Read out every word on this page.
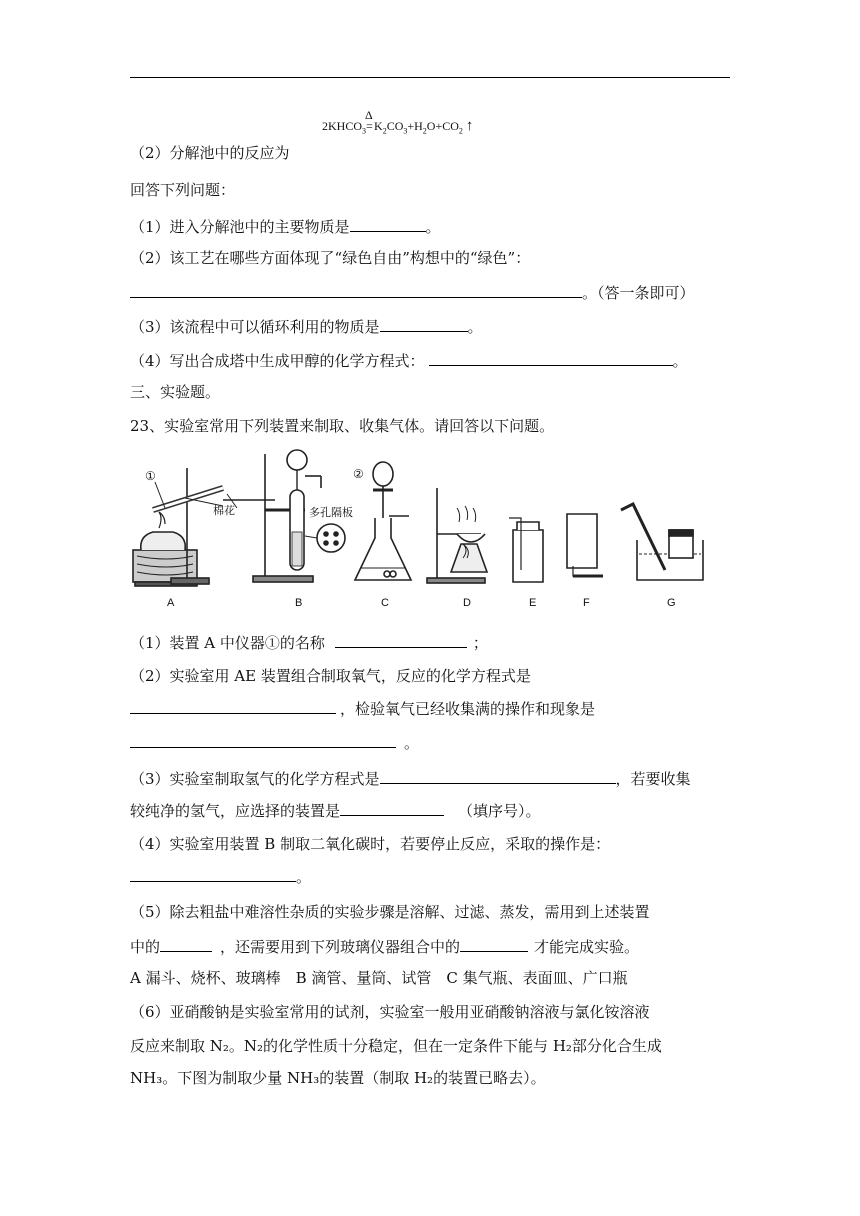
（2）分解池中的反应为
$2KHCO_3$
Δ
$=K_2CO_3+H_2O+CO_2$ ↑
回答下列问题：
（1）进入分解池中的主要物质是	。
（2）该工艺在哪些方面体现了“绿色自由”构想中的“绿色”：
。（答一条即可）
（3）该流程中可以循环利用的物质是	。
（4）写出合成塔中生成甲醇的化学方程式：	。
三、实验题。
23、实验室常用下列装置来制取、收集气体。请回答以下问题。
棉花
①
多孔隔板
②
A	B	C	D	E	F	G
（1）装置 A 中仪器①的名称	；
（2）实验室用 AE 装置组合制取氧气，反应的化学方程式是
，检验氧气已经收集满的操作和现象是
。
（3）实验室制取氢气的化学方程式是	，若要收集
较纯净的氢气，应选择的装置是	（填序号）。
（4）实验室用装置 B 制取二氧化碳时，若要停止反应，采取的操作是：
。
（5）除去粗盐中难溶性杂质的实验步骤是溶解、过滤、蒸发，需用到上述装置
中的	，还需要用到下列玻璃仪器组合中的	才能完成实验。
A 漏斗、烧杯、玻璃棒　B 滴管、量筒、试管　C 集气瓶、表面皿、广口瓶
（6）亚硝酸钠是实验室常用的试剂，实验室一般用亚硝酸钠溶液与氯化铵溶液
反应来制取 N₂。N₂的化学性质十分稳定，但在一定条件下能与 H₂部分化合生成
NH₃。下图为制取少量 NH₃的装置（制取 H₂的装置已略去）。
